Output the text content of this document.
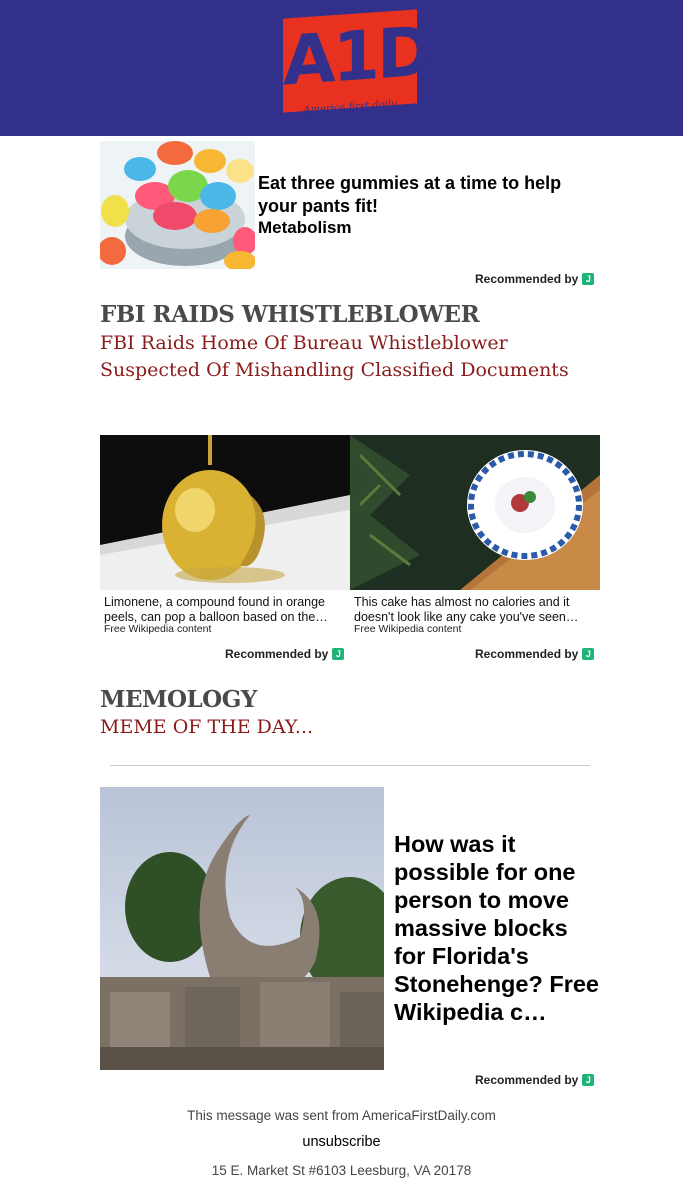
A1D
America first daily
Eat three gummies at a time to help your pants fit!
Metabolism
Recommended by J
FBI RAIDS WHISTLEBLOWER
FBI Raids Home Of Bureau Whistleblower Suspected Of Mishandling Classified Documents
Limonene, a compound found in orange peels, can pop a balloon based on the…
Free Wikipedia content
This cake has almost no calories and it doesn't look like any cake you've seen…
Free Wikipedia content
Recommended by J	Recommended by J
MEMOLOGY
MEME OF THE DAY...
How was it possible for one person to move massive blocks for Florida's Stonehenge? Free Wikipedia c…
Recommended by J
This message was sent from AmericaFirstDaily.com
unsubscribe
15 E. Market St #6103 Leesburg, VA 20178
